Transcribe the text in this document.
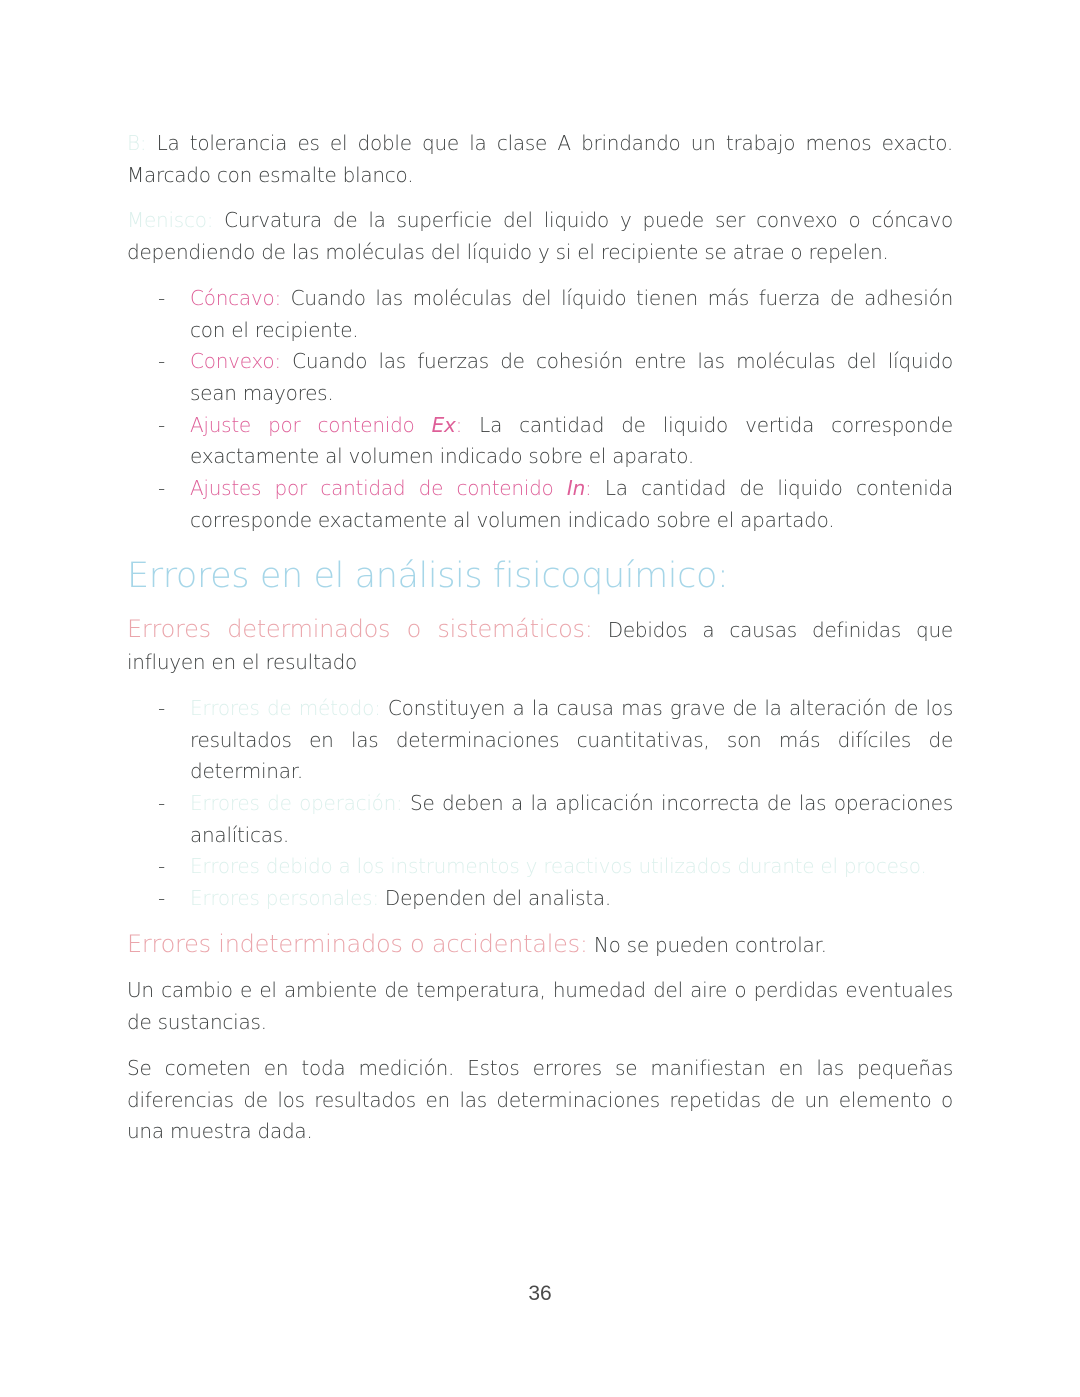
B: La tolerancia es el doble que la clase A brindando un trabajo menos exacto. Marcado con esmalte blanco.

Menisco: Curvatura de la superficie del liquido y puede ser convexo o cóncavo dependiendo de las moléculas del líquido y si el recipiente se atrae o repelen.

- Cóncavo: Cuando las moléculas del líquido tienen más fuerza de adhesión con el recipiente.
- Convexo: Cuando las fuerzas de cohesión entre las moléculas del líquido sean mayores.
- Ajuste por contenido Ex: La cantidad de liquido vertida corresponde exactamente al volumen indicado sobre el aparato.
- Ajustes por cantidad de contenido In: La cantidad de liquido contenida corresponde exactamente al volumen indicado sobre el apartado.
Errores en el análisis fisicoquímico:

Errores determinados o sistemáticos: Debidos a causas definidas que influyen en el resultado

- Errores de método: Constituyen a la causa mas grave de la alteración de los resultados en las determinaciones cuantitativas, son más difíciles de determinar.
- Errores de operación: Se deben a la aplicación incorrecta de las operaciones analíticas.
- Errores debido a los instrumentos y reactivos utilizados durante el proceso.
- Errores personales: Dependen del analista.

Errores indeterminados o accidentales: No se pueden controlar.

Un cambio e el ambiente de temperatura, humedad del aire o perdidas eventuales de sustancias.

Se cometen en toda medición. Estos errores se manifiestan en las pequeñas diferencias de los resultados en las determinaciones repetidas de un elemento o una muestra dada.

36
